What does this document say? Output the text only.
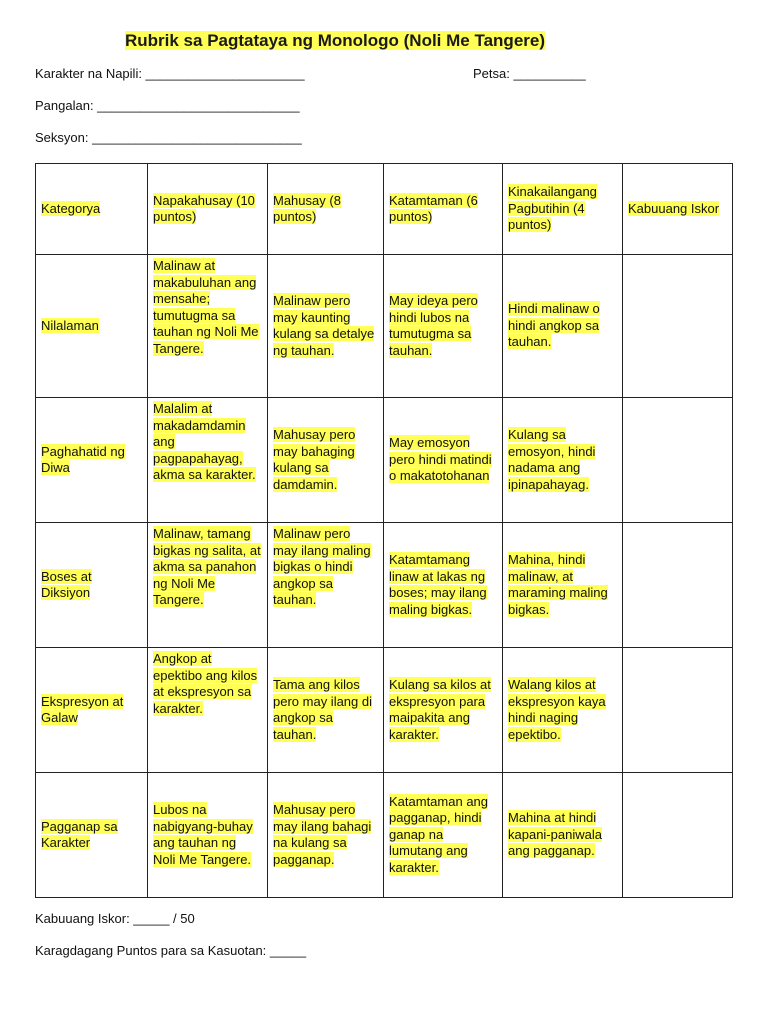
Rubrik sa Pagtataya ng Monologo (Noli Me Tangere)
Karakter na Napili: ______________________	Petsa: __________
Pangalan: ____________________________
Seksyon: _____________________________
Kategorya	Napakahusay (10 puntos)	Mahusay (8 puntos)	Katamtaman (6 puntos)	Kinakailangang Pagbutihin (4 puntos)	Kabuuang Iskor
Nilalaman	Malinaw at makabuluhan ang mensahe; tumutugma sa tauhan ng Noli Me Tangere.	Malinaw pero may kaunting kulang sa detalye ng tauhan.	May ideya pero hindi lubos na tumutugma sa tauhan.	Hindi malinaw o hindi angkop sa tauhan.	
Paghahatid ng Diwa	Malalim at makadamdamin ang pagpapahayag, akma sa karakter.	Mahusay pero may bahaging kulang sa damdamin.	May emosyon pero hindi matindi o makatotohanan	Kulang sa emosyon, hindi nadama ang ipinapahayag.	
Boses at Diksiyon	Malinaw, tamang bigkas ng salita, at akma sa panahon ng Noli Me Tangere.	Malinaw pero may ilang maling bigkas o hindi angkop sa tauhan.	Katamtamang linaw at lakas ng boses; may ilang maling bigkas.	Mahina, hindi malinaw, at maraming maling bigkas.	
Ekspresyon at Galaw	Angkop at epektibo ang kilos at ekspresyon sa karakter.	Tama ang kilos pero may ilang di angkop sa tauhan.	Kulang sa kilos at ekspresyon para maipakita ang karakter.	Walang kilos at ekspresyon kaya hindi naging epektibo.	
Pagganap sa Karakter	Lubos na nabigyang-buhay ang tauhan ng Noli Me Tangere.	Mahusay pero may ilang bahagi na kulang sa pagganap.	Katamtaman ang pagganap, hindi ganap na lumutang ang karakter.	Mahina at hindi kapani-paniwala ang pagganap.	
Kabuuang Iskor: _____ / 50
Karagdagang Puntos para sa Kasuotan: _____
